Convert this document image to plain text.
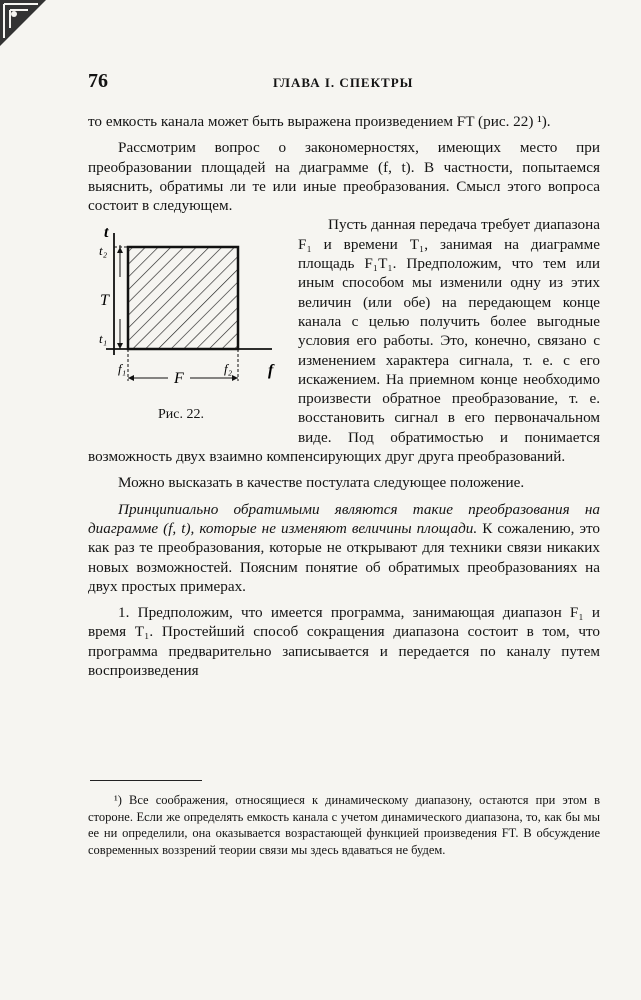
76	ГЛАВА I. СПЕКТРЫ

то емкость канала может быть выражена произведением FT (рис. 22) ¹).

Рассмотрим вопрос о закономерностях, имеющих место при преобразовании площадей на диаграмме (f, t). В частности, попытаемся выяснить, обратимы ли те или иные преобразования. Смысл этого вопроса состоит в следующем.

t
t₂
T
t₁
f₁
F
f₂ f
Рис. 22.

Пусть данная передача требует диапазона F₁ и времени T₁, занимая на диаграмме площадь F₁T₁. Предположим, что тем или иным способом мы изменили одну из этих величин (или обе) на передающем конце канала с целью получить более выгодные условия его работы. Это, конечно, связано с изменением характера сигнала, т. е. с его искажением. На приемном конце необходимо произвести обратное преобразование, т. е. восстановить сигнал в его первоначальном виде. Под обратимостью и понимается возможность двух взаимно компенсирующих друг друга преобразований.

Можно высказать в качестве постулата следующее положение.

Принципиально обратимыми являются такие преобразования на диаграмме (f, t), которые не изменяют величины площади. К сожалению, это как раз те преобразования, которые не открывают для техники связи никаких новых возможностей. Поясним понятие об обратимых преобразованиях на двух простых примерах.

1. Предположим, что имеется программа, занимающая диапазон F₁ и время T₁. Простейший способ сокращения диапазона состоит в том, что программа предварительно записывается и передается по каналу путем воспроизведения

¹) Все соображения, относящиеся к динамическому диапазону, остаются при этом в стороне. Если же определять емкость канала с учетом динамического диапазона, то, как бы мы ее ни определили, она оказывается возрастающей функцией произведения FT. В обсуждение современных воззрений теории связи мы здесь вдаваться не будем.
